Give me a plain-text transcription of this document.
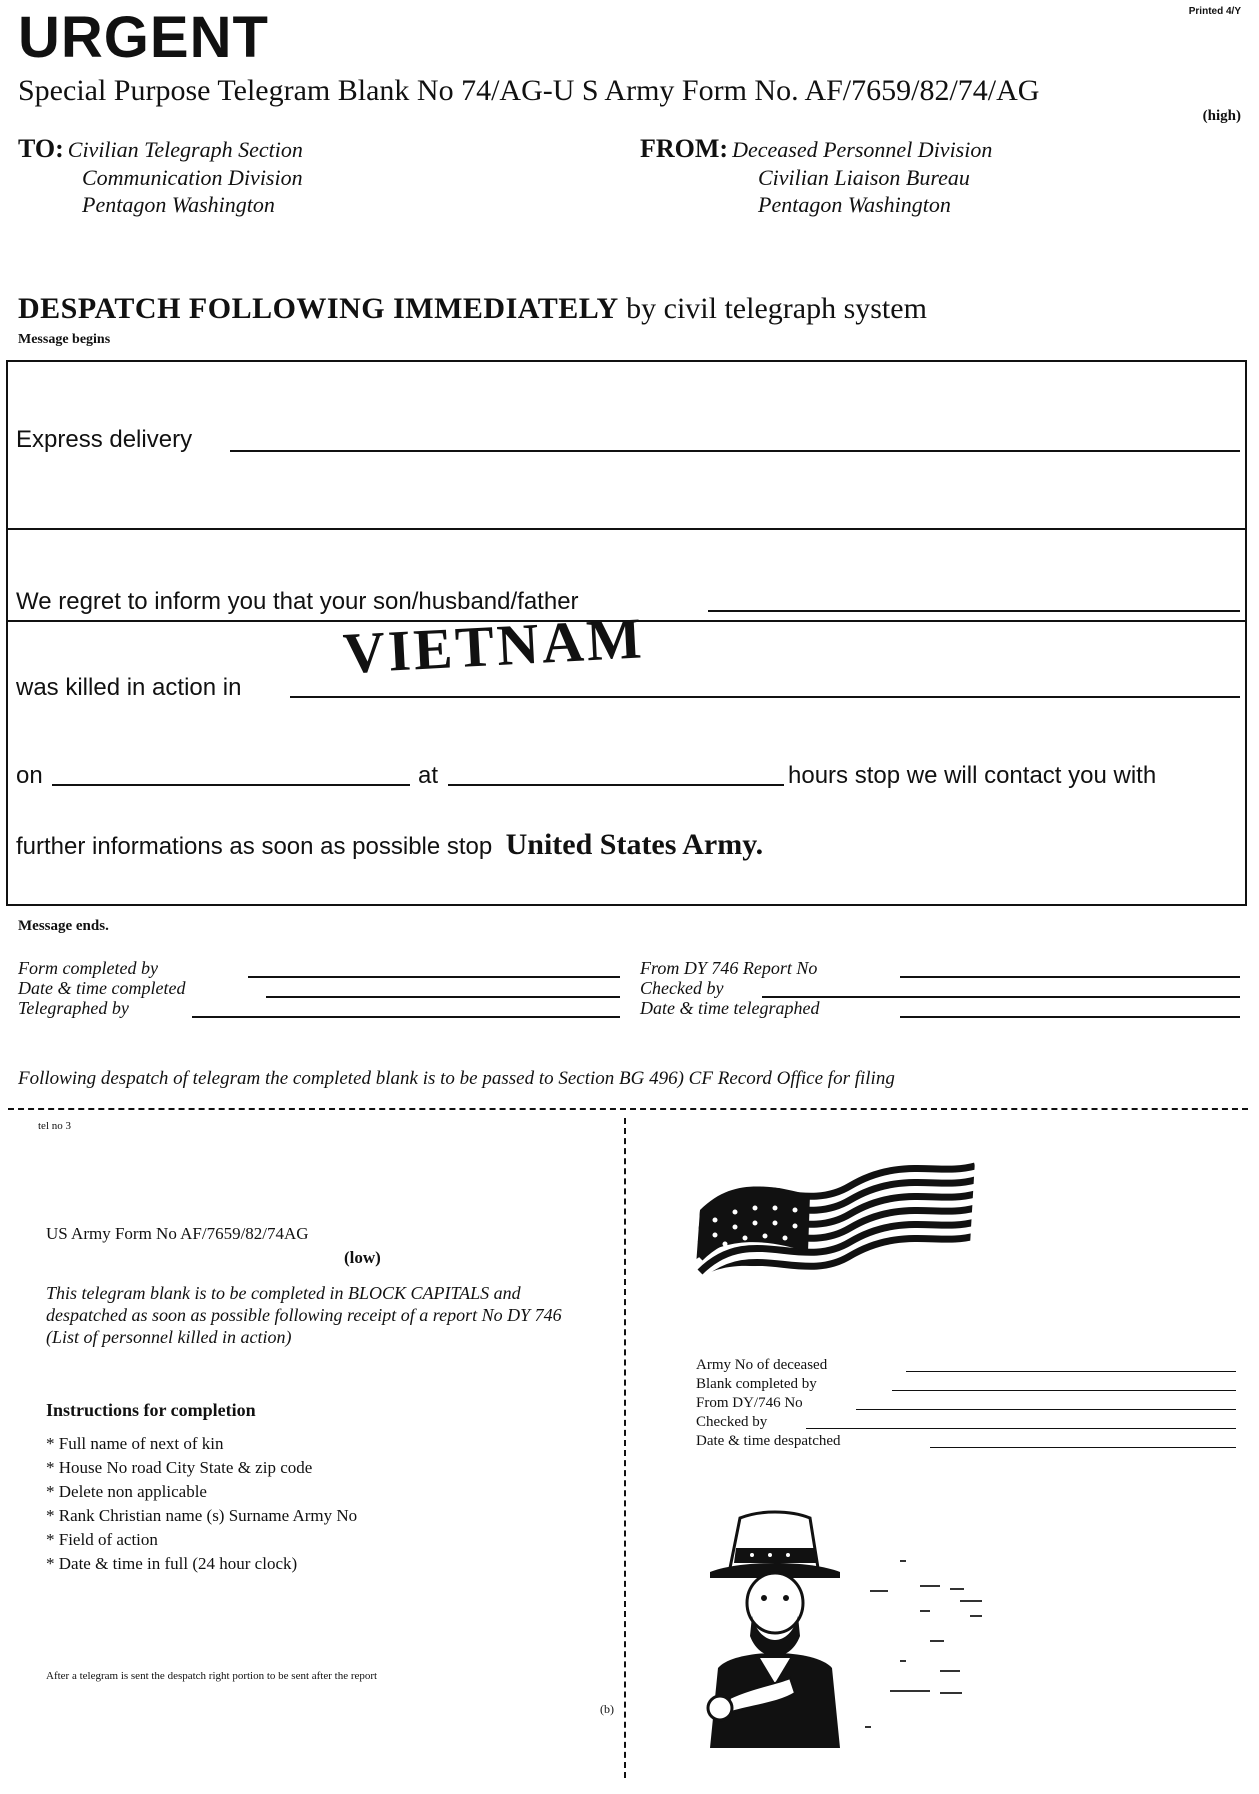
URGENT	Printed 4/Y
Special Purpose Telegram Blank No 74/AG-U S Army Form No. AF/7659/82/74/AG
(high)
TO: Civilian Telegraph Section
Communication Division
Pentagon Washington
FROM: Deceased Personnel Division
Civilian Liaison Bureau
Pentagon Washington
DESPATCH FOLLOWING IMMEDIATELY by civil telegraph system
Message begins
Express delivery
We regret to inform you that your son/husband/father
was killed in action in
on	at	hours stop we will contact you with
further informations as soon as possible stop United States Army.
VIETNAM
Message ends.
Form completed by
Date & time completed
Telegraphed by
From DY 746 Report No
Checked by
Date & time telegraphed
Following despatch of telegram the completed blank is to be passed to Section BG 496) CF Record Office for filing
tel no 3
US Army Form No AF/7659/82/74AG
(low)
This telegram blank is to be completed in BLOCK CAPITALS and despatched as soon as possible following receipt of a report No DY 746 (List of personnel killed in action)
Instructions for completion
* Full name of next of kin
* House No road City State & zip code
* Delete non applicable
* Rank Christian name (s) Surname Army No
* Field of action
* Date & time in full (24 hour clock)
After a telegram is sent the despatch right portion to be sent after the report
(b)
Army No of deceased
Blank completed by
From DY/746 No
Checked by
Date & time despatched
